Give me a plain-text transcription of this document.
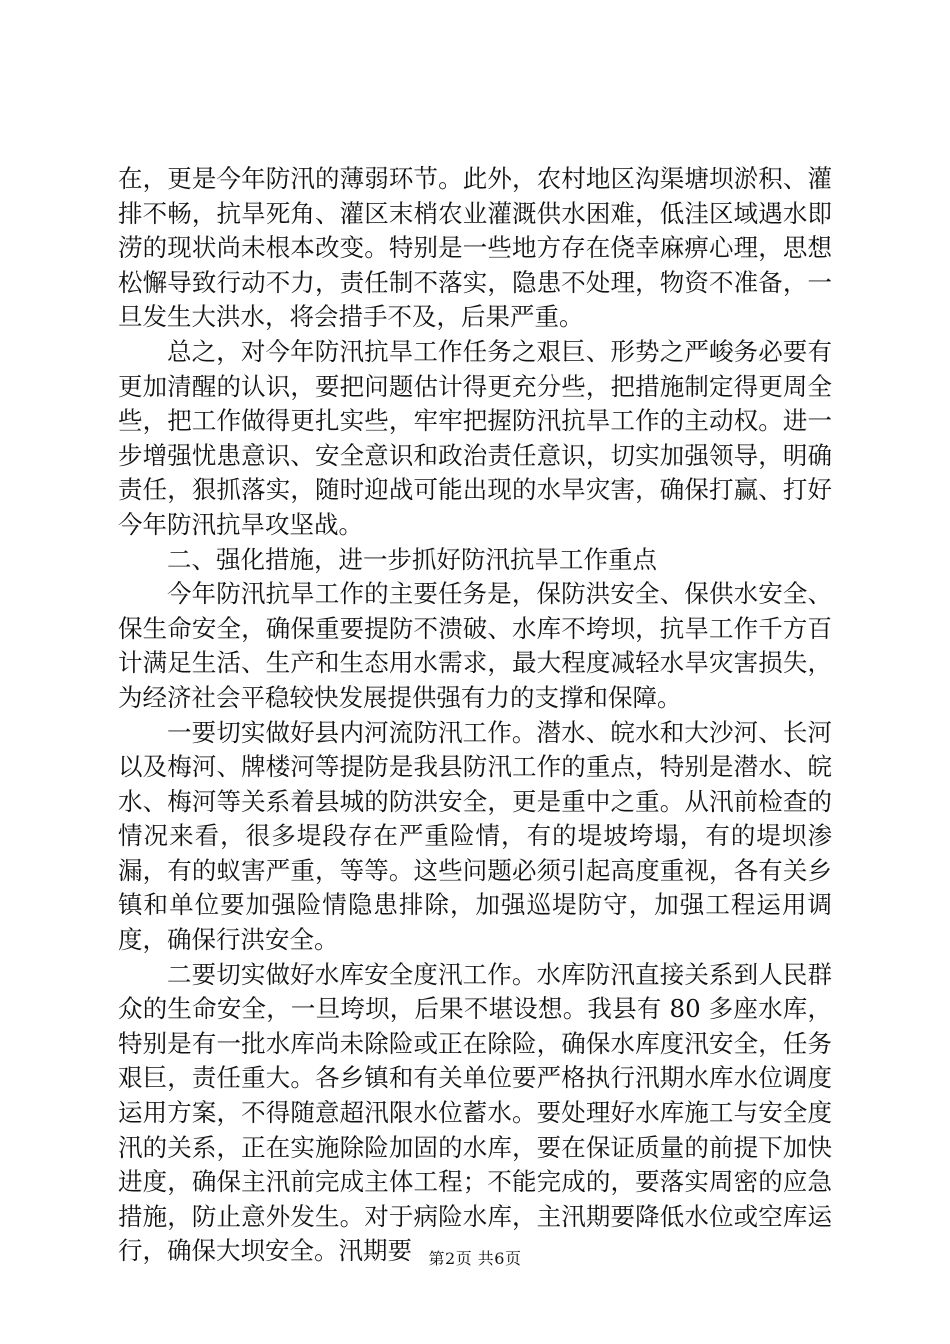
在，更是今年防汛的薄弱环节。此外，农村地区沟渠塘坝淤积、灌排不畅，抗旱死角、灌区末梢农业灌溉供水困难，低洼区域遇水即涝的现状尚未根本改变。特别是一些地方存在侥幸麻痹心理，思想松懈导致行动不力，责任制不落实，隐患不处理，物资不准备，一旦发生大洪水，将会措手不及，后果严重。

总之，对今年防汛抗旱工作任务之艰巨、形势之严峻务必要有更加清醒的认识，要把问题估计得更充分些，把措施制定得更周全些，把工作做得更扎实些，牢牢把握防汛抗旱工作的主动权。进一步增强忧患意识、安全意识和政治责任意识，切实加强领导，明确责任，狠抓落实，随时迎战可能出现的水旱灾害，确保打赢、打好今年防汛抗旱攻坚战。

二、强化措施，进一步抓好防汛抗旱工作重点

今年防汛抗旱工作的主要任务是，保防洪安全、保供水安全、保生命安全，确保重要提防不溃破、水库不垮坝，抗旱工作千方百计满足生活、生产和生态用水需求，最大程度减轻水旱灾害损失，为经济社会平稳较快发展提供强有力的支撑和保障。

一要切实做好县内河流防汛工作。潜水、皖水和大沙河、长河以及梅河、牌楼河等提防是我县防汛工作的重点，特别是潜水、皖水、梅河等关系着县城的防洪安全，更是重中之重。从汛前检查的情况来看，很多堤段存在严重险情，有的堤坡垮塌，有的堤坝渗漏，有的蚁害严重，等等。这些问题必须引起高度重视，各有关乡镇和单位要加强险情隐患排除，加强巡堤防守，加强工程运用调度，确保行洪安全。

二要切实做好水库安全度汛工作。水库防汛直接关系到人民群众的生命安全，一旦垮坝，后果不堪设想。我县有 80 多座水库，特别是有一批水库尚未除险或正在除险，确保水库度汛安全，任务艰巨，责任重大。各乡镇和有关单位要严格执行汛期水库水位调度运用方案，不得随意超汛限水位蓄水。要处理好水库施工与安全度汛的关系，正在实施除险加固的水库，要在保证质量的前提下加快进度，确保主汛前完成主体工程；不能完成的，要落实周密的应急措施，防止意外发生。对于病险水库，主汛期要降低水位或空库运行，确保大坝安全。汛期要	第2页 共6页
